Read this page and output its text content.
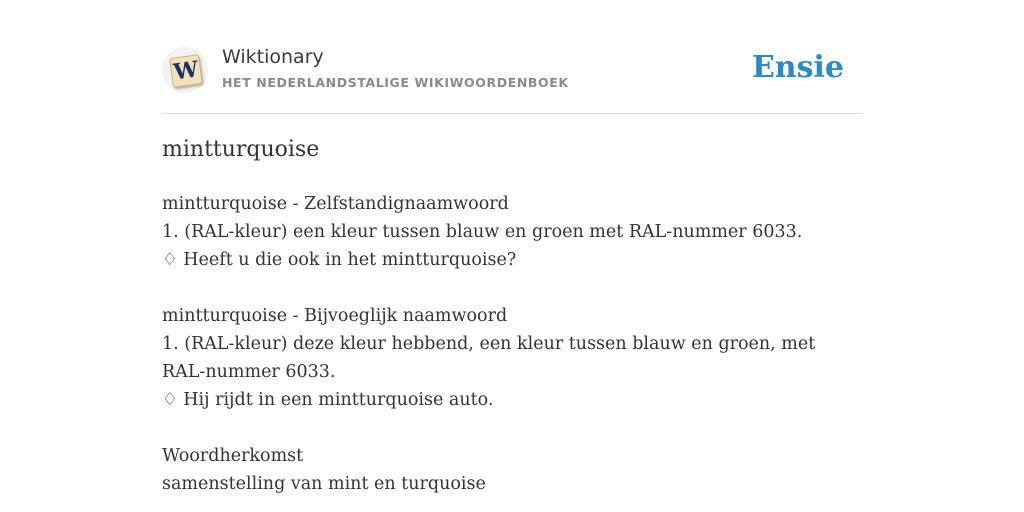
W Wiktionary
HET NEDERLANDSTALIGE WIKIWOORDENBOEK	Ensie
mintturquoise
mintturquoise - Zelfstandignaamwoord
1. (RAL-kleur) een kleur tussen blauw en groen met RAL-nummer 6033.
♢ Heeft u die ook in het mintturquoise?
mintturquoise - Bijvoeglijk naamwoord
1. (RAL-kleur) deze kleur hebbend, een kleur tussen blauw en groen, met RAL-nummer 6033.
♢ Hij rijdt in een mintturquoise auto.
Woordherkomst
samenstelling van mint en turquoise
